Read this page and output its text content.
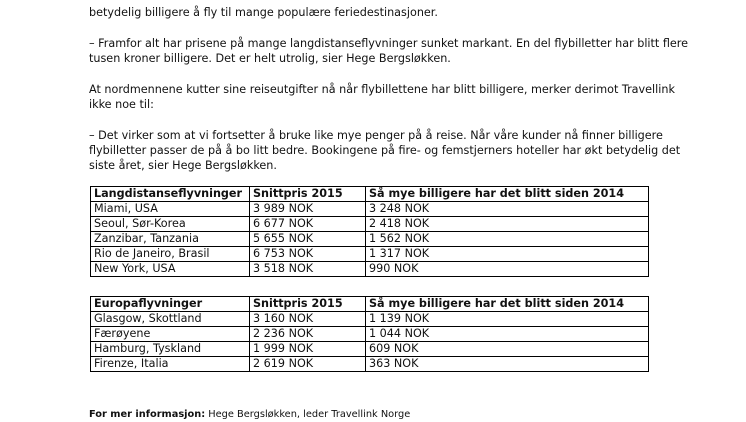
betydelig billigere å fly til mange populære feriedestinasjoner.

– Framfor alt har prisene på mange langdistanseflyvninger sunket markant. En del flybilletter har blitt flere tusen kroner billigere. Det er helt utrolig, sier Hege Bergsløkken.

At nordmennene kutter sine reiseutgifter nå når flybillettene har blitt billigere, merker derimot Travellink ikke noe til:

– Det virker som at vi fortsetter å bruke like mye penger på å reise. Når våre kunder nå finner billigere flybilletter passer de på å bo litt bedre. Bookingene på fire- og femstjerners hoteller har økt betydelig det siste året, sier Hege Bergsløkken.

Langdistanseflyvninger	Snittpris 2015	Så mye billigere har det blitt siden 2014
Miami, USA	3 989 NOK	3 248 NOK
Seoul, Sør-Korea	6 677 NOK	2 418 NOK
Zanzibar, Tanzania	5 655 NOK	1 562 NOK
Rio de Janeiro, Brasil	6 753 NOK	1 317 NOK
New York, USA	3 518 NOK	990 NOK
Europaflyvninger	Snittpris 2015	Så mye billigere har det blitt siden 2014
Glasgow, Skottland	3 160 NOK	1 139 NOK
Færøyene	2 236 NOK	1 044 NOK
Hamburg, Tyskland	1 999 NOK	609 NOK
Firenze, Italia	2 619 NOK	363 NOK
For mer informasjon: Hege Bergsløkken, leder Travellink Norge
